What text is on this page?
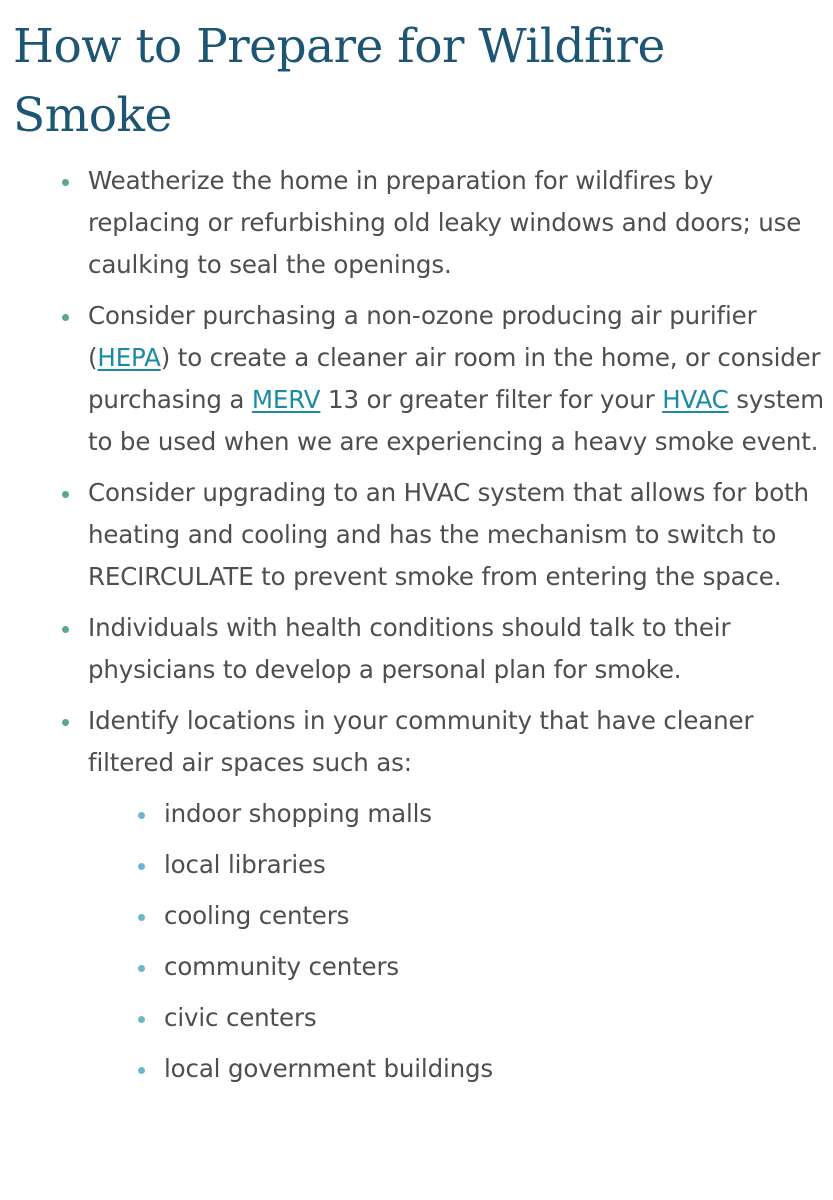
How to Prepare for Wildfire Smoke
Weatherize the home in preparation for wildfires by replacing or refurbishing old leaky windows and doors; use caulking to seal the openings.
Consider purchasing a non-ozone producing air purifier (HEPA) to create a cleaner air room in the home, or consider purchasing a MERV 13 or greater filter for your HVAC system to be used when we are experiencing a heavy smoke event.
Consider upgrading to an HVAC system that allows for both heating and cooling and has the mechanism to switch to RECIRCULATE to prevent smoke from entering the space.
Individuals with health conditions should talk to their physicians to develop a personal plan for smoke.
Identify locations in your community that have cleaner filtered air spaces such as:
indoor shopping malls
local libraries
cooling centers
community centers
civic centers
local government buildings
